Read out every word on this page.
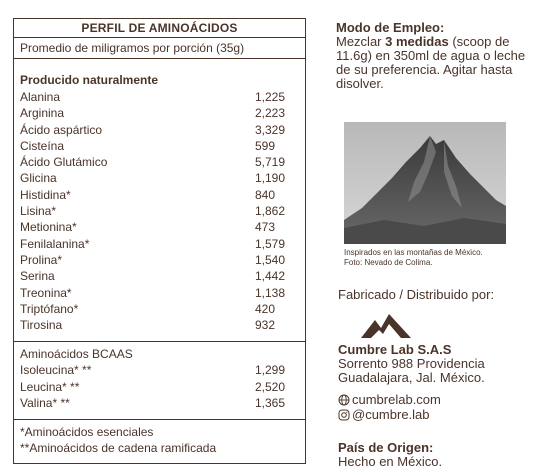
PERFIL DE AMINOÁCIDOS
Promedio de miligramos por porción (35g)
Producido naturalmente
Alanina	1,225
Arginina	2,223
Ácido aspártico	3,329
Cisteína	599
Ácido Glutámico	5,719
Glicina	1,190
Histidina*	840
Lisina*	1,862
Metionina*	473
Fenilalanina*	1,579
Prolina*	1,540
Serina	1,442
Treonina*	1,138
Triptófano*	420
Tirosina	932
Aminoácidos BCAAS
Isoleucina* **	1,299
Leucina* **	2,520
Valina* **	1,365
*Aminoácidos esenciales
**Aminoácidos de cadena ramificada
Modo de Empleo:
Mezclar 3 medidas (scoop de 11.6g) en 350ml de agua o leche de su preferencia. Agitar hasta disolver.
Inspirados en las montañas de México.
Foto: Nevado de Colima.
Fabricado / Distribuido por:
Cumbre Lab S.A.S
Sorrento 988 Providencia
Guadalajara, Jal. México.
cumbrelab.com
@cumbre.lab
País de Origen:
Hecho en México.
